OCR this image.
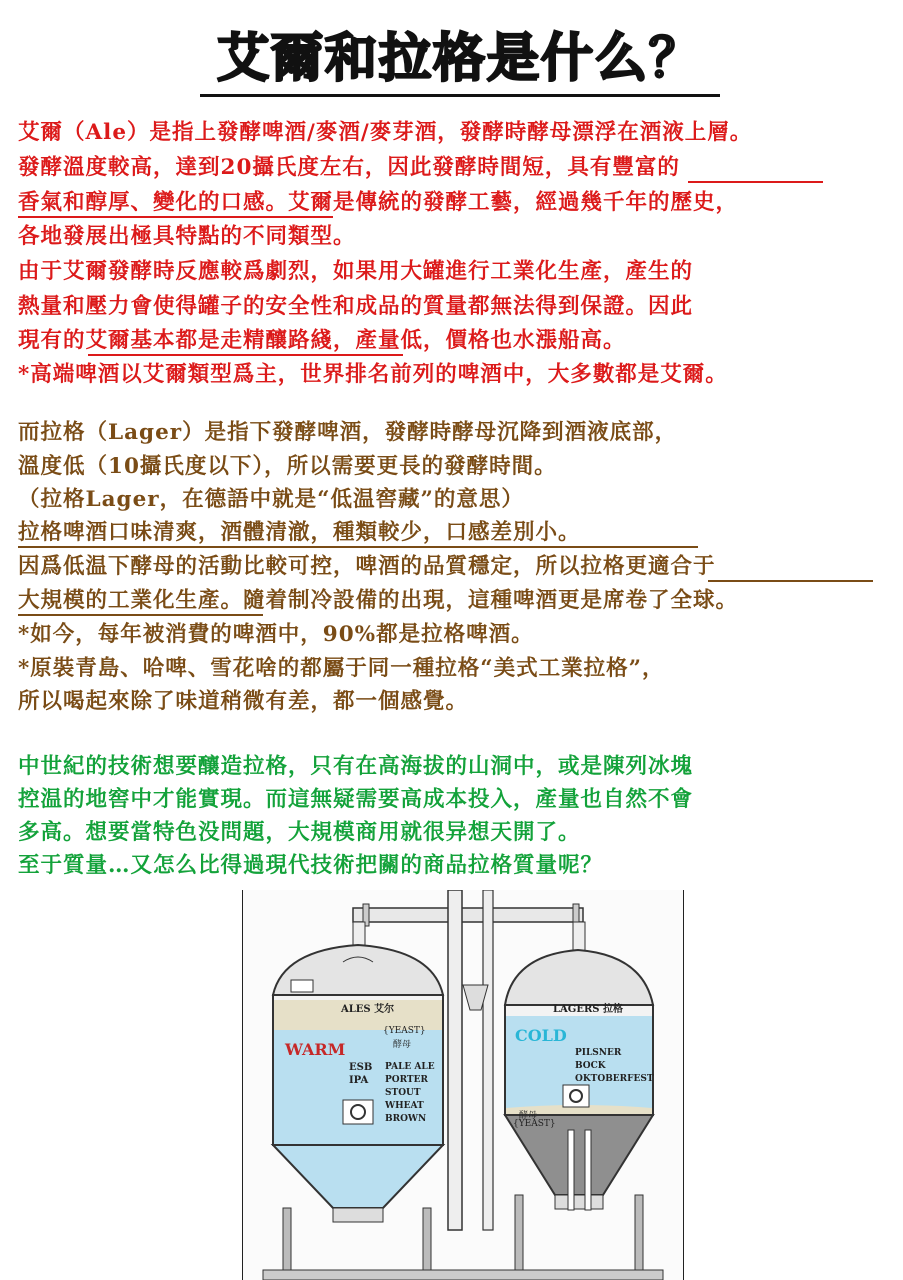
艾爾和拉格是什么？
艾爾（Ale）是指上發酵啤酒/麥酒/麥芽酒，發酵時酵母漂浮在酒液上層。
發酵溫度較高，達到20攝氏度左右，因此發酵時間短，具有豐富的
香氣和醇厚、變化的口感。艾爾是傳統的發酵工藝，經過幾千年的歷史，
各地發展出極具特點的不同類型。
由于艾爾發酵時反應較爲劇烈，如果用大罐進行工業化生產，產生的
熱量和壓力會使得罐子的安全性和成品的質量都無法得到保證。因此
現有的艾爾基本都是走精釀路綫，產量低，價格也水漲船高。
*高端啤酒以艾爾類型爲主，世界排名前列的啤酒中，大多數都是艾爾。
而拉格（Lager）是指下發酵啤酒，發酵時酵母沉降到酒液底部，
溫度低（10攝氏度以下），所以需要更長的發酵時間。
（拉格Lager，在德語中就是“低温窖藏”的意思）
拉格啤酒口味清爽，酒體清澈，種類較少，口感差別小。
因爲低温下酵母的活動比較可控，啤酒的品質穩定，所以拉格更適合于
大規模的工業化生產。隨着制冷設備的出現，這種啤酒更是席卷了全球。
*如今，每年被消費的啤酒中，90%都是拉格啤酒。
*原裝青島、哈啤、雪花啥的都屬于同一種拉格“美式工業拉格”，
所以喝起來除了味道稍微有差，都一個感覺。
中世紀的技術想要釀造拉格，只有在高海拔的山洞中，或是陳列冰塊
控温的地窖中才能實現。而這無疑需要高成本投入，產量也自然不會
多高。想要當特色没問題，大規模商用就很异想天開了。
至于質量…又怎么比得過現代技術把關的商品拉格質量呢？
ALES 艾尔
{YEAST}
酵母
WARM
ESB
IPA
PALE ALE
PORTER
STOUT
WHEAT
BROWN
LAGERS 拉格
COLD
PILSNER
BOCK
OKTOBERFEST
酵母
{YEAST}
